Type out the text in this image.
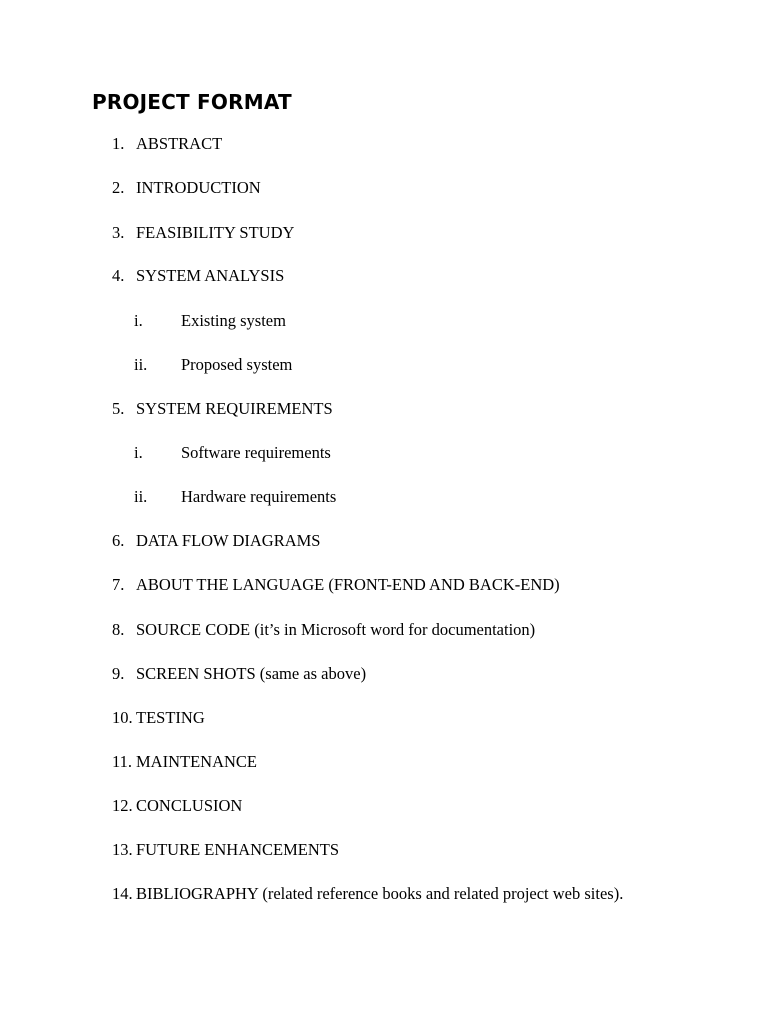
PROJECT FORMAT
1. ABSTRACT
2. INTRODUCTION
3. FEASIBILITY STUDY
4. SYSTEM ANALYSIS
i. Existing system
ii. Proposed system
5. SYSTEM REQUIREMENTS
i. Software requirements
ii. Hardware requirements
6. DATA FLOW DIAGRAMS
7. ABOUT THE LANGUAGE (FRONT-END AND BACK-END)
8. SOURCE CODE (it’s in Microsoft word for documentation)
9. SCREEN SHOTS (same as above)
10. TESTING
11. MAINTENANCE
12. CONCLUSION
13. FUTURE ENHANCEMENTS
14. BIBLIOGRAPHY (related reference books and related project web sites).
